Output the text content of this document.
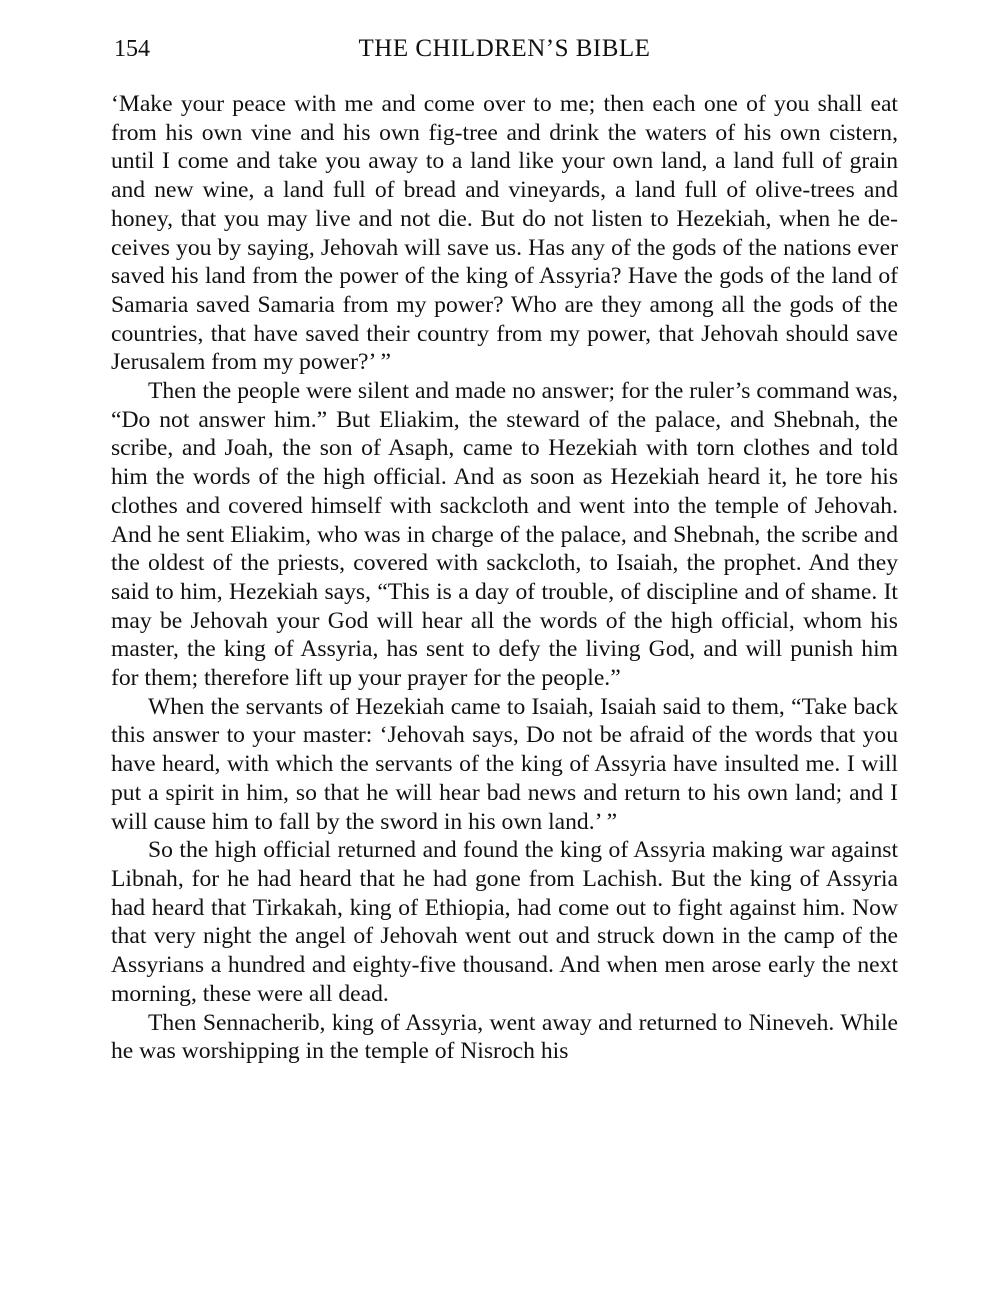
154	THE CHILDREN’S BIBLE

‘Make your peace with me and come over to me; then each one of you shall eat from his own vine and his own fig-tree and drink the waters of his own cistern, until I come and take you away to a land like your own land, a land full of grain and new wine, a land full of bread and vineyards, a land full of olive-trees and honey, that you may live and not die. But do not listen to Hezekiah, when he deceives you by saying, Jehovah will save us. Has any of the gods of the nations ever saved his land from the power of the king of Assyria? Have the gods of the land of Samaria saved Samaria from my power? Who are they among all the gods of the countries, that have saved their country from my power, that Jehovah should save Jerusalem from my power?’ ”

Then the people were silent and made no answer; for the ruler’s command was, “Do not answer him.” But Eliakim, the steward of the palace, and Shebnah, the scribe, and Joah, the son of Asaph, came to Hezekiah with torn clothes and told him the words of the high official. And as soon as Hezekiah heard it, he tore his clothes and covered himself with sackcloth and went into the temple of Jehovah. And he sent Eliakim, who was in charge of the palace, and Shebnah, the scribe and the oldest of the priests, covered with sackcloth, to Isaiah, the prophet. And they said to him, Hezekiah says, “This is a day of trouble, of discipline and of shame. It may be Jehovah your God will hear all the words of the high official, whom his master, the king of Assyria, has sent to defy the living God, and will punish him for them; therefore lift up your prayer for the people.”

When the servants of Hezekiah came to Isaiah, Isaiah said to them, “Take back this answer to your master: ‘Jehovah says, Do not be afraid of the words that you have heard, with which the servants of the king of Assyria have insulted me. I will put a spirit in him, so that he will hear bad news and return to his own land; and I will cause him to fall by the sword in his own land.’ ”

So the high official returned and found the king of Assyria making war against Libnah, for he had heard that he had gone from Lachish. But the king of Assyria had heard that Tirkakah, king of Ethiopia, had come out to fight against him. Now that very night the angel of Jehovah went out and struck down in the camp of the Assyrians a hundred and eighty-five thousand. And when men arose early the next morning, these were all dead.

Then Sennacherib, king of Assyria, went away and returned to Nineveh. While he was worshipping in the temple of Nisroch his
